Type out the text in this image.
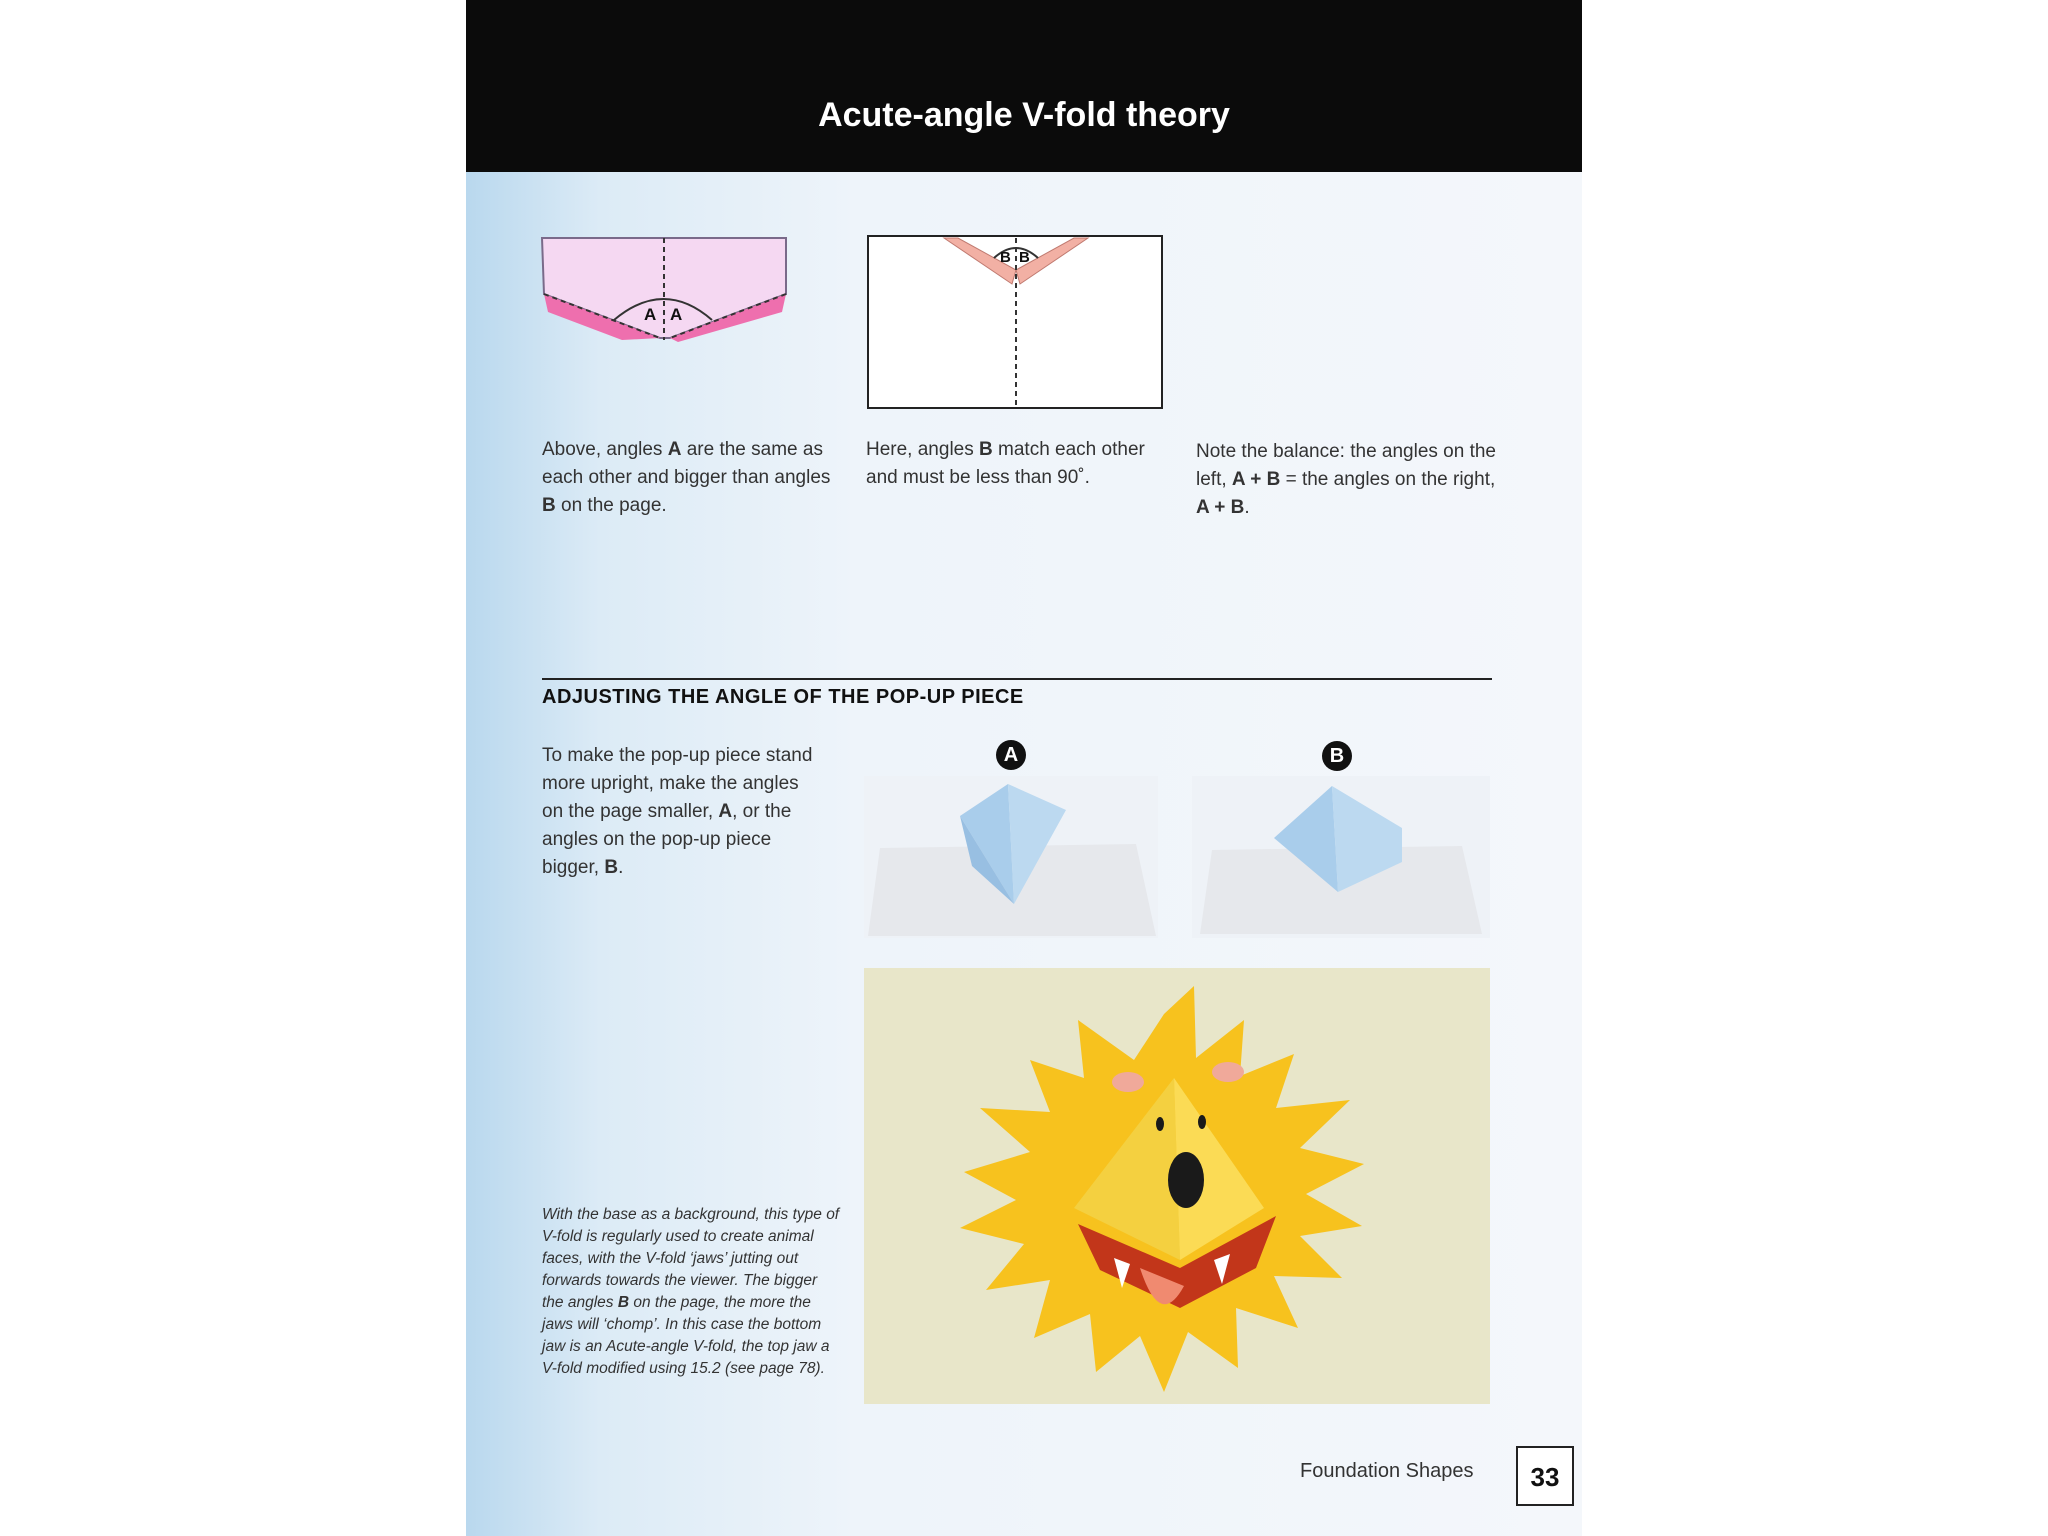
Acute-angle V-fold theory
A A
B B
Above, angles A are the same as each other and bigger than angles B on the page.
Here, angles B match each other and must be less than 90˚.
Note the balance: the angles on the left, A + B = the angles on the right, A + B.
ADJUSTING THE ANGLE OF THE POP-UP PIECE
To make the pop-up piece stand more upright, make the angles on the page smaller, A, or the angles on the pop-up piece bigger, B.
A	B
With the base as a background, this type of V-fold is regularly used to create animal faces, with the V-fold ‘jaws’ jutting out forwards towards the viewer. The bigger the angles B on the page, the more the jaws will ‘chomp’. In this case the bottom jaw is an Acute-angle V-fold, the top jaw a V-fold modified using 15.2 (see page 78).
Foundation Shapes	33
